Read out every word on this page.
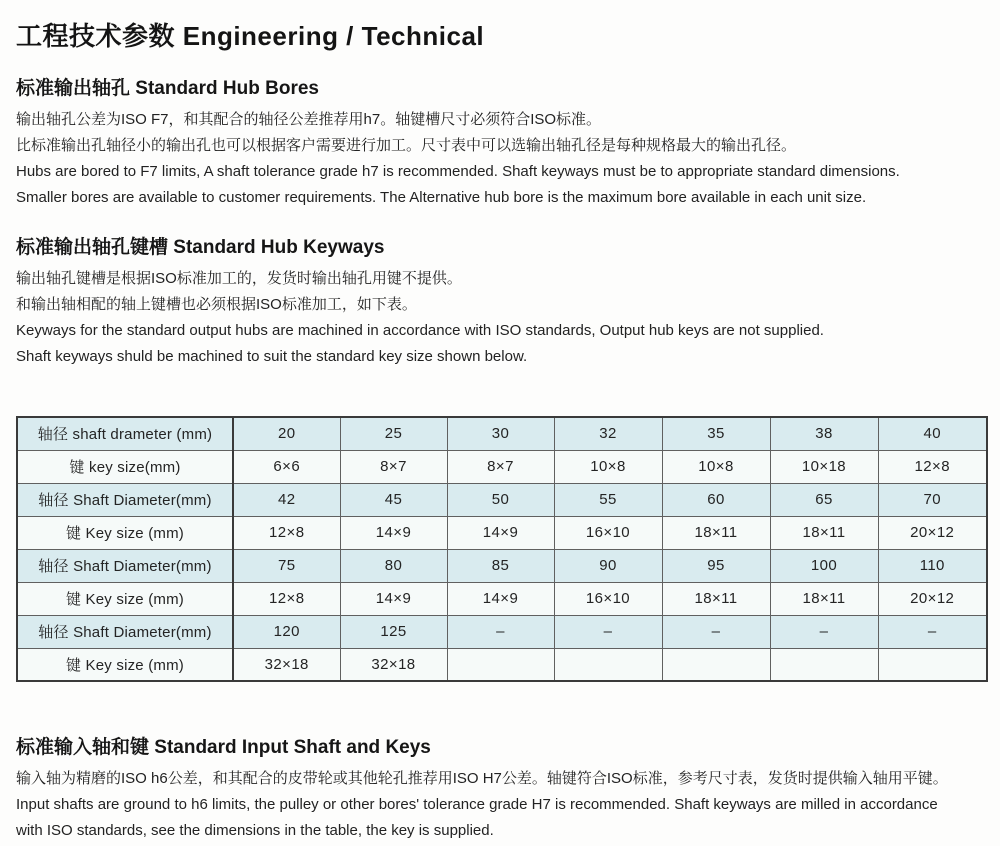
工程技术参数 Engineering / Technical
标准输出轴孔 Standard Hub Bores
输出轴孔公差为ISO F7，和其配合的轴径公差推荐用h7。轴键槽尺寸必须符合ISO标准。
比标准输出孔轴径小的输出孔也可以根据客户需要进行加工。尺寸表中可以选输出轴孔径是每种规格最大的输出孔径。
Hubs are bored to F7 limits, A shaft tolerance grade h7 is recommended. Shaft keyways must be to appropriate standard dimensions.
Smaller bores are available to customer requirements. The Alternative hub bore is the maximum bore available in each unit size.
标准输出轴孔键槽 Standard Hub Keyways
输出轴孔键槽是根据ISO标准加工的，发货时输出轴孔用键不提供。
和输出轴相配的轴上键槽也必须根据ISO标准加工，如下表。
Keyways for the standard output hubs are machined in accordance with ISO standards, Output hub keys are not supplied.
Shaft keyways shuld be machined to suit the standard key size shown below.
轴径 shaft drameter (mm)	20	25	30	32	35	38	40
键 key size(mm)	6×6	8×7	8×7	10×8	10×8	10×18	12×8
轴径 Shaft Diameter(mm)	42	45	50	55	60	65	70
键 Key size (mm)	12×8	14×9	14×9	16×10	18×11	18×11	20×12
轴径 Shaft Diameter(mm)	75	80	85	90	95	100	110
键 Key size (mm)	12×8	14×9	14×9	16×10	18×11	18×11	20×12
轴径 Shaft Diameter(mm)	120	125	–	–	–	–	–
键 Key size (mm)	32×18	32×18					
标准输入轴和键 Standard Input Shaft and Keys
输入轴为精磨的ISO h6公差，和其配合的皮带轮或其他轮孔推荐用ISO H7公差。轴键符合ISO标准，参考尺寸表，发货时提供输入轴用平键。
Input shafts are ground to h6 limits, the pulley or other bores' tolerance grade H7 is recommended. Shaft keyways are milled in accordance
with ISO standards, see the dimensions in the table, the key is supplied.
